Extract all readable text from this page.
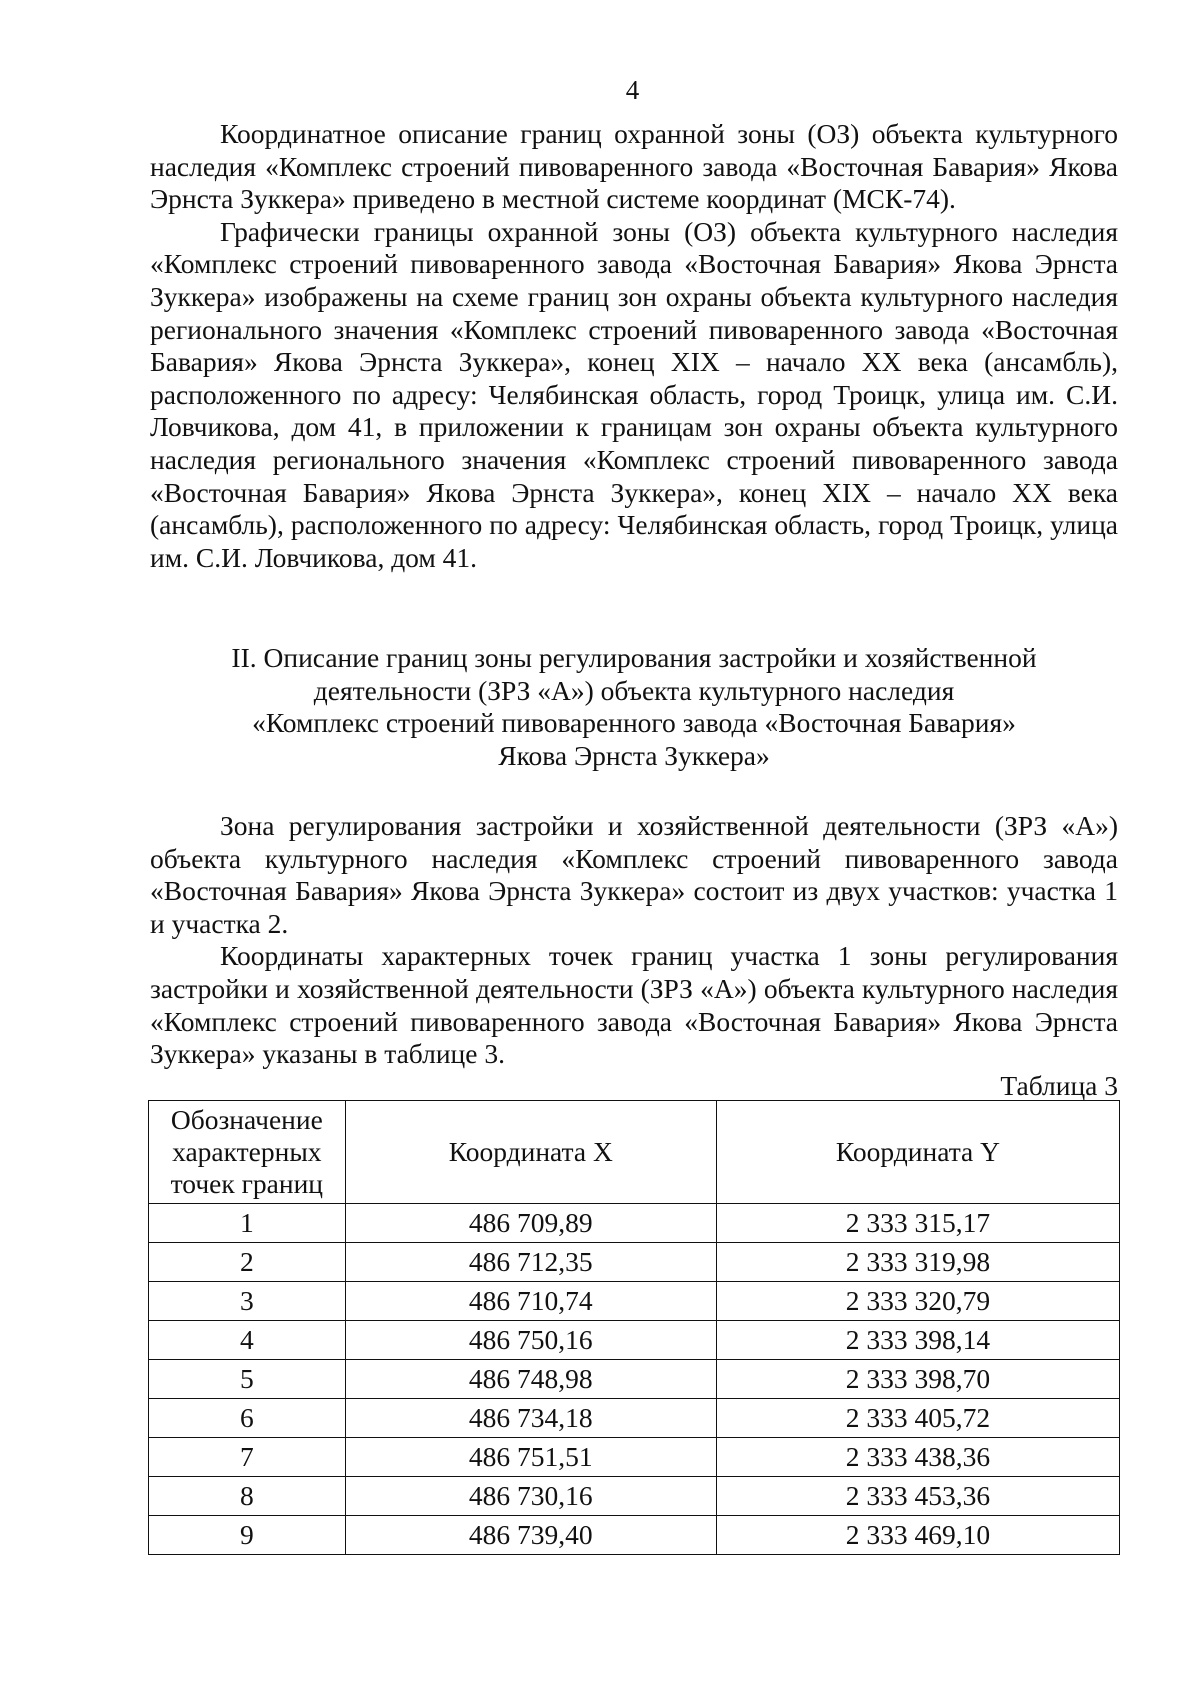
4

Координатное описание границ охранной зоны (ОЗ) объекта культурного наследия «Комплекс строений пивоваренного завода «Восточная Бавария» Якова Эрнста Зуккера» приведено в местной системе координат (МСК-74).

Графически границы охранной зоны (ОЗ) объекта культурного наследия «Комплекс строений пивоваренного завода «Восточная Бавария» Якова Эрнста Зуккера» изображены на схеме границ зон охраны объекта культурного наследия регионального значения «Комплекс строений пивоваренного завода «Восточная Бавария» Якова Эрнста Зуккера», конец XIX – начало XX века (ансамбль), расположенного по адресу: Челябинская область, город Троицк, улица им. С.И. Ловчикова, дом 41, в приложении к границам зон охраны объекта культурного наследия регионального значения «Комплекс строений пивоваренного завода «Восточная Бавария» Якова Эрнста Зуккера», конец XIX – начало XX века (ансамбль), расположенного по адресу: Челябинская область, город Троицк, улица им. С.И. Ловчикова, дом 41.

II. Описание границ зоны регулирования застройки и хозяйственной
деятельности (ЗРЗ «А») объекта культурного наследия
«Комплекс строений пивоваренного завода «Восточная Бавария»
Якова Эрнста Зуккера»

Зона регулирования застройки и хозяйственной деятельности (ЗРЗ «А») объекта культурного наследия «Комплекс строений пивоваренного завода «Восточная Бавария» Якова Эрнста Зуккера» состоит из двух участков: участка 1 и участка 2.

Координаты характерных точек границ участка 1 зоны регулирования застройки и хозяйственной деятельности (ЗРЗ «А») объекта культурного наследия «Комплекс строений пивоваренного завода «Восточная Бавария» Якова Эрнста Зуккера» указаны в таблице 3.

Таблица 3
Обозначение
характерных
точек границ	Координата X	Координата Y
1	486 709,89	2 333 315,17
2	486 712,35	2 333 319,98
3	486 710,74	2 333 320,79
4	486 750,16	2 333 398,14
5	486 748,98	2 333 398,70
6	486 734,18	2 333 405,72
7	486 751,51	2 333 438,36
8	486 730,16	2 333 453,36
9	486 739,40	2 333 469,10
